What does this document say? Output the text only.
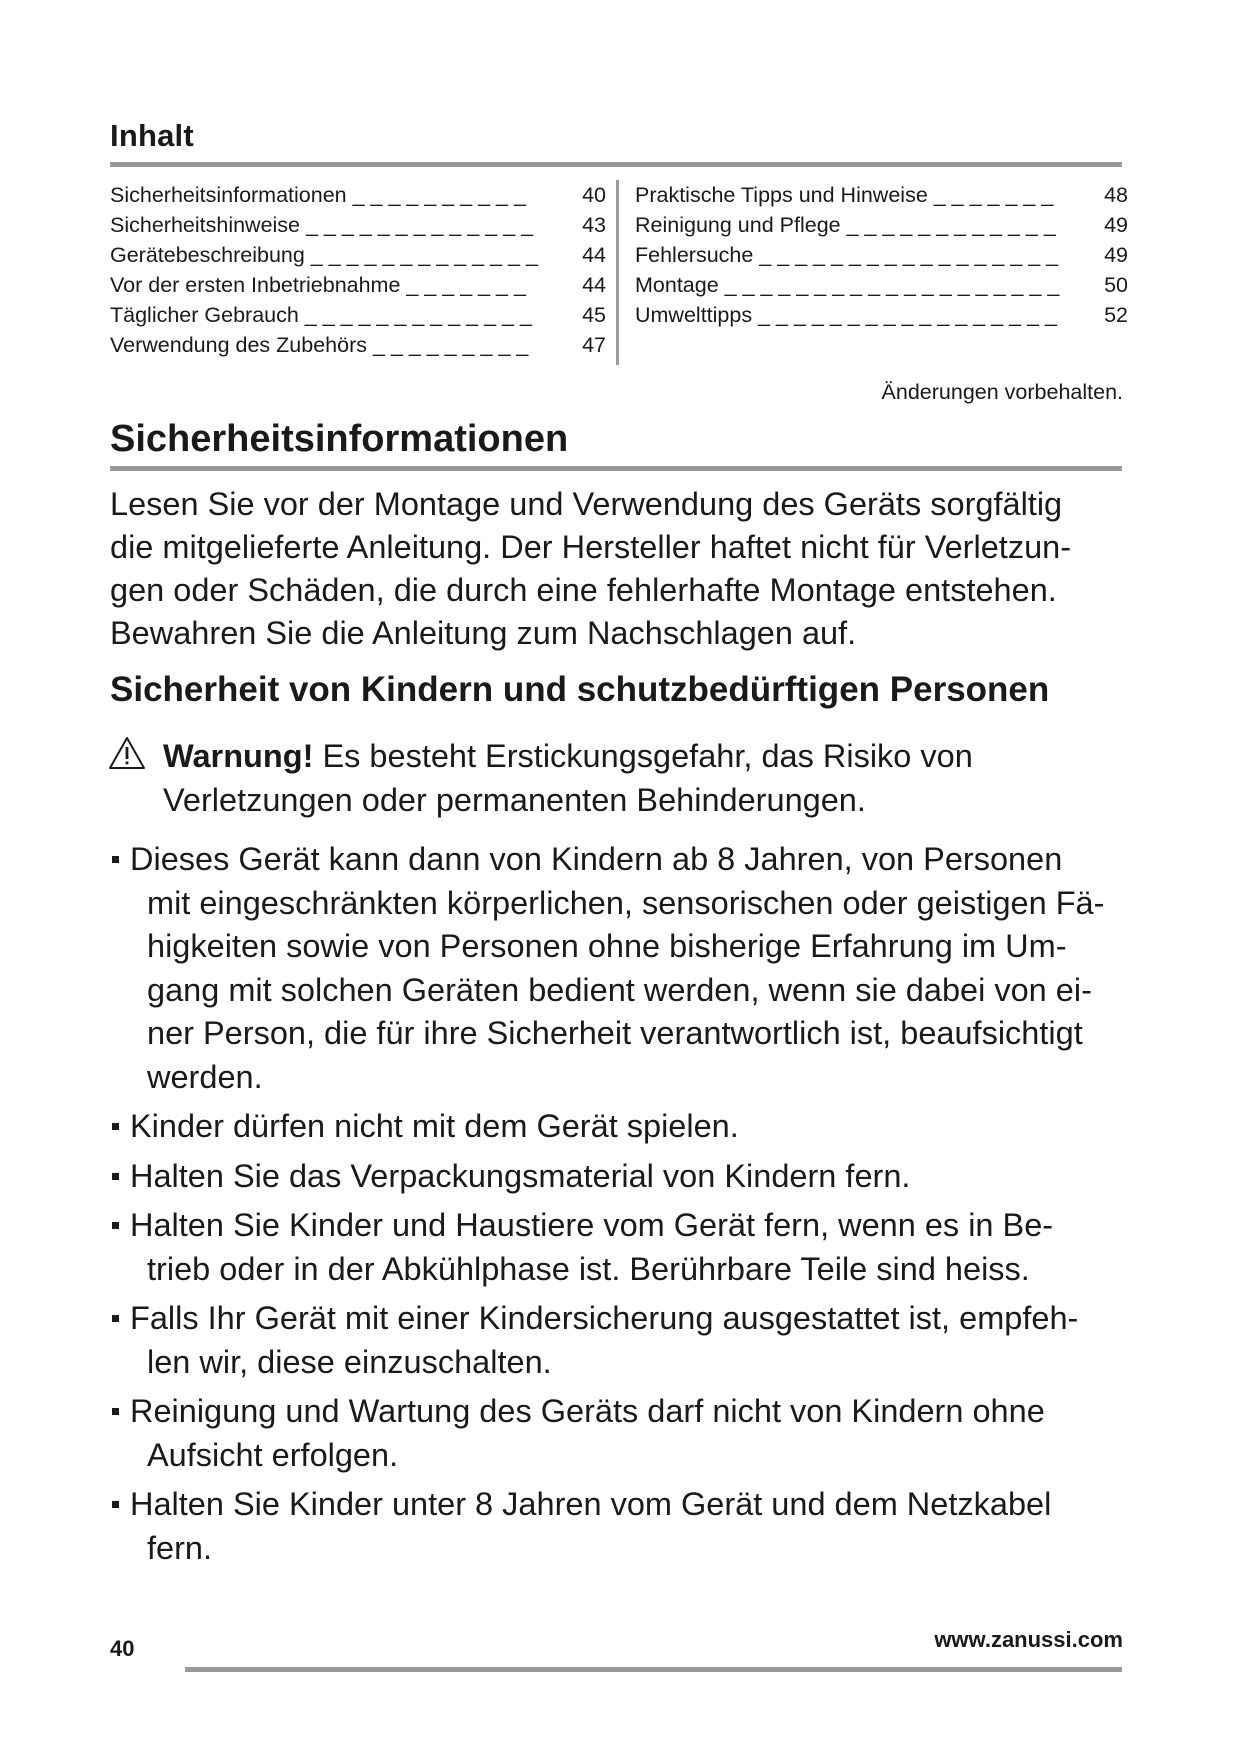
Inhalt
Sicherheitsinformationen _ _ _ _ _ _ _ _ _ _	40
Sicherheitshinweise _ _ _ _ _ _ _ _ _ _ _ _ _ 43
Gerätebeschreibung _ _ _ _ _ _ _ _ _ _ _ _ _ 44
Vor der ersten Inbetriebnahme _ _ _ _ _ _ _	44
Täglicher Gebrauch _ _ _ _ _ _ _ _ _ _ _ _ _ 45
Verwendung des Zubehörs _ _ _ _ _ _ _ _ _ 47
Praktische Tipps und Hinweise _ _ _ _ _ _ _ 48
Reinigung und Pflege _ _ _ _ _ _ _ _ _ _ _ _ 49
Fehlersuche _ _ _ _ _ _ _ _ _ _ _ _ _ _ _ _ _ 49
Montage _ _ _ _ _ _ _ _ _ _ _ _ _ _ _ _ _ _ _ 50
Umwelttipps _ _ _ _ _ _ _ _ _ _ _ _ _ _ _ _ _ 52
Änderungen vorbehalten.
Sicherheitsinformationen
Lesen Sie vor der Montage und Verwendung des Geräts sorgfältig
die mitgelieferte Anleitung. Der Hersteller haftet nicht für Verletzun-
gen oder Schäden, die durch eine fehlerhafte Montage entstehen.
Bewahren Sie die Anleitung zum Nachschlagen auf.
Sicherheit von Kindern und schutzbedürftigen Personen
Warnung! Es besteht Erstickungsgefahr, das Risiko von
Verletzungen oder permanenten Behinderungen.
Dieses Gerät kann dann von Kindern ab 8 Jahren, von Personen
mit eingeschränkten körperlichen, sensorischen oder geistigen Fä-
higkeiten sowie von Personen ohne bisherige Erfahrung im Um-
gang mit solchen Geräten bedient werden, wenn sie dabei von ei-
ner Person, die für ihre Sicherheit verantwortlich ist, beaufsichtigt
werden.
Kinder dürfen nicht mit dem Gerät spielen.
Halten Sie das Verpackungsmaterial von Kindern fern.
Halten Sie Kinder und Haustiere vom Gerät fern, wenn es in Be-
trieb oder in der Abkühlphase ist. Berührbare Teile sind heiss.
Falls Ihr Gerät mit einer Kindersicherung ausgestattet ist, empfeh-
len wir, diese einzuschalten.
Reinigung und Wartung des Geräts darf nicht von Kindern ohne
Aufsicht erfolgen.
Halten Sie Kinder unter 8 Jahren vom Gerät und dem Netzkabel
fern.
40	www.zanussi.com
